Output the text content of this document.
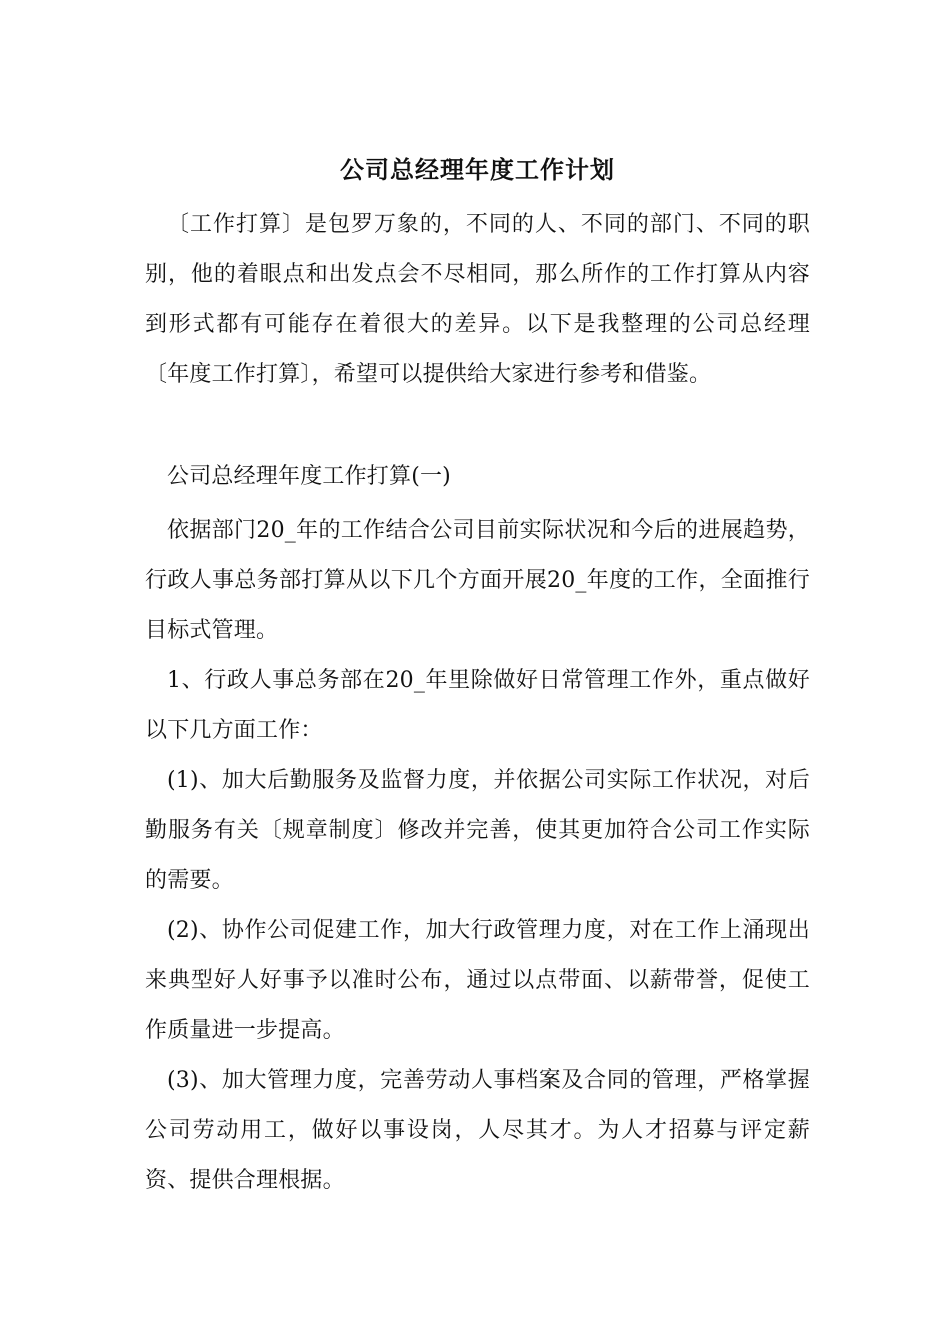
公司总经理年度工作计划

〔工作打算〕是包罗万象的，不同的人、不同的部门、不同的职别，他的着眼点和出发点会不尽相同，那么所作的工作打算从内容到形式都有可能存在着很大的差异。以下是我整理的公司总经理〔年度工作打算〕，希望可以提供给大家进行参考和借鉴。

公司总经理年度工作打算(一)

依据部门20_年的工作结合公司目前实际状况和今后的进展趋势，行政人事总务部打算从以下几个方面开展20_年度的工作，全面推行目标式管理。

1、行政人事总务部在20_年里除做好日常管理工作外，重点做好以下几方面工作：

(1)、加大后勤服务及监督力度，并依据公司实际工作状况，对后勤服务有关〔规章制度〕修改并完善，使其更加符合公司工作实际的需要。

(2)、协作公司促建工作，加大行政管理力度，对在工作上涌现出来典型好人好事予以准时公布，通过以点带面、以薪带誉，促使工作质量进一步提高。

(3)、加大管理力度，完善劳动人事档案及合同的管理，严格掌握公司劳动用工，做好以事设岗，人尽其才。为人才招募与评定薪资、提供合理根据。
